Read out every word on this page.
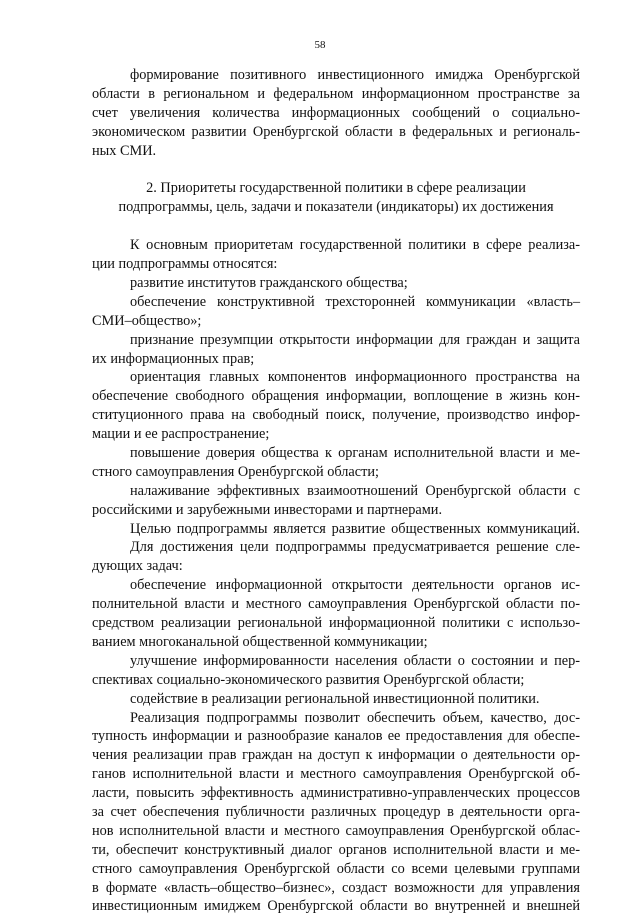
58
формирование позитивного инвестиционного имиджа Оренбургской
области в региональном и федеральном информационном пространстве за
счет увеличения количества информационных сообщений о социально-
экономическом развитии Оренбургской области в федеральных и региональ-
ных СМИ.
2. Приоритеты государственной политики в сфере реализации
подпрограммы, цель, задачи и показатели (индикаторы) их достижения
К основным приоритетам государственной политики в сфере реализа-
ции подпрограммы относятся:
развитие институтов гражданского общества;
обеспечение конструктивной трехсторонней коммуникации «власть–
СМИ–общество»;
признание презумпции открытости информации для граждан и защита
их информационных прав;
ориентация главных компонентов информационного пространства на
обеспечение свободного обращения информации, воплощение в жизнь кон-
ституционного права на свободный поиск, получение, производство инфор-
мации и ее распространение;
повышение доверия общества к органам исполнительной власти и ме-
стного самоуправления Оренбургской области;
налаживание эффективных взаимоотношений Оренбургской области с
российскими и зарубежными инвесторами и партнерами.
Целью подпрограммы является развитие общественных коммуникаций.
Для достижения цели подпрограммы предусматривается решение сле-
дующих задач:
обеспечение информационной открытости деятельности органов ис-
полнительной власти и местного самоуправления Оренбургской области по-
средством реализации региональной информационной политики с использо-
ванием многоканальной общественной коммуникации;
улучшение информированности населения области о состоянии и пер-
спективах социально-экономического развития Оренбургской области;
содействие в реализации региональной инвестиционной политики.
Реализация подпрограммы позволит обеспечить объем, качество, дос-
тупность информации и разнообразие каналов ее предоставления для обеспе-
чения реализации прав граждан на доступ к информации о деятельности ор-
ганов исполнительной власти и местного самоуправления Оренбургской об-
ласти, повысить эффективность административно-управленческих процессов
за счет обеспечения публичности различных процедур в деятельности орга-
нов исполнительной власти и местного самоуправления Оренбургской облас-
ти, обеспечит конструктивный диалог органов исполнительной власти и ме-
стного самоуправления Оренбургской области со всеми целевыми группами
в формате «власть–общество–бизнес», создаст возможности для управления
инвестиционным имиджем Оренбургской области во внутренней и внешней
